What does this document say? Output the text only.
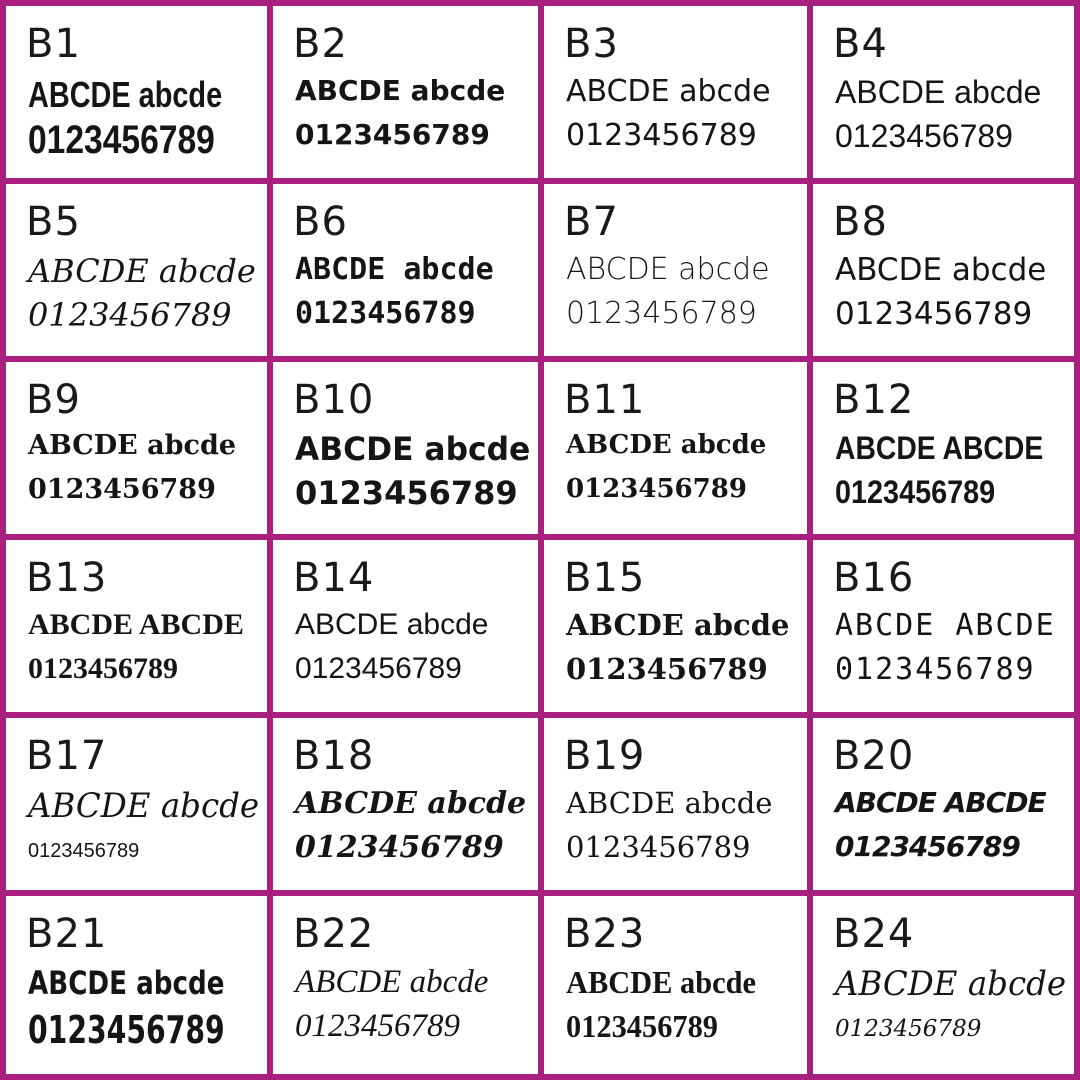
B1
ABCDE abcde
0123456789
B2
ABCDE abcde
0123456789
B3
ABCDE abcde
0123456789
B4
ABCDE abcde
0123456789
B5
ABCDE abcde
0123456789
B6
ABCDE abcde
0123456789
B7
ABCDE abcde
0123456789
B8
ABCDE abcde
0123456789
B9
ABCDE abcde
0123456789
B10
ABCDE abcde
0123456789
B11
ABCDE abcde
0123456789
B12
ABCDE ABCDE
0123456789
B13
ABCDE ABCDE
0123456789
B14
ABCDE abcde
0123456789
B15
ABCDE abcde
0123456789
B16
ABCDE ABCDE
0123456789
B17
ABCDE abcde
0123456789
B18
ABCDE abcde
0123456789
B19
ABCDE abcde
0123456789
B20
ABCDE ABCDE
0123456789
B21
ABCDE abcde
0123456789
B22
ABCDE abcde
0123456789
B23
ABCDE abcde
0123456789
B24
ABCDE abcde
0123456789
